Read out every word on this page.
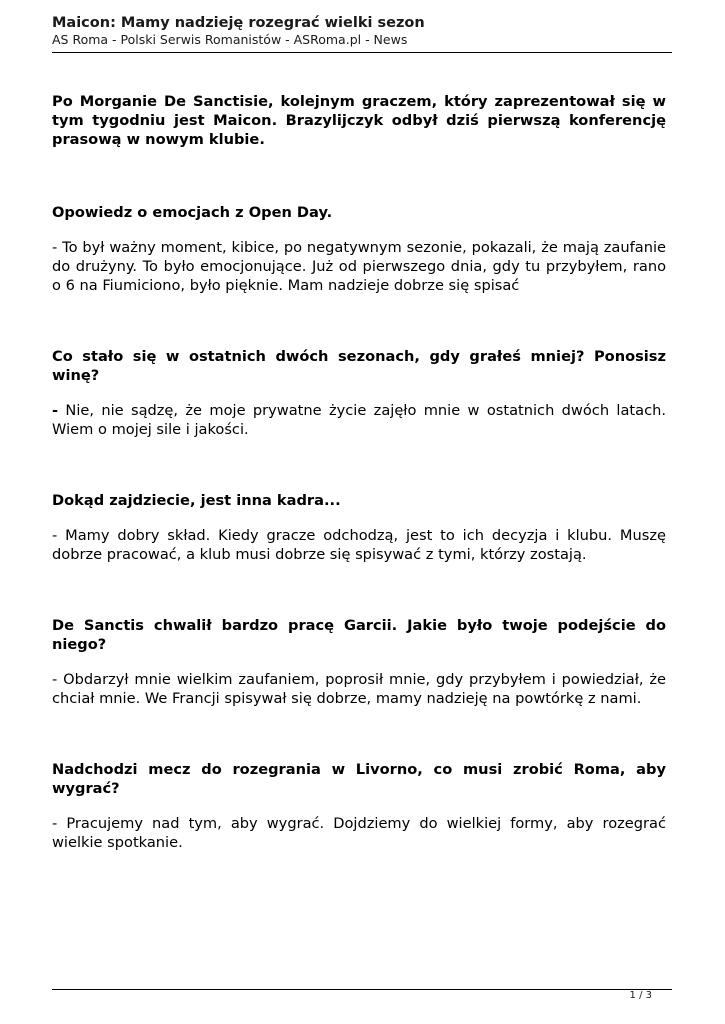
Maicon: Mamy nadzieję rozegrać wielki sezon
AS Roma - Polski Serwis Romanistów - ASRoma.pl - News

Po Morganie De Sanctisie, kolejnym graczem, który zaprezentował się w tym tygodniu jest Maicon. Brazylijczyk odbył dziś pierwszą konferencję prasową w nowym klubie.

Opowiedz o emocjach z Open Day.

- To był ważny moment, kibice, po negatywnym sezonie, pokazali, że mają zaufanie do drużyny. To było emocjonujące. Już od pierwszego dnia, gdy tu przybyłem, rano o 6 na Fiumiciono, było pięknie. Mam nadzieje dobrze się spisać

Co stało się w ostatnich dwóch sezonach, gdy grałeś mniej? Ponosisz winę?

- Nie, nie sądzę, że moje prywatne życie zajęło mnie w ostatnich dwóch latach. Wiem o mojej sile i jakości.

Dokąd zajdziecie, jest inna kadra...

- Mamy dobry skład. Kiedy gracze odchodzą, jest to ich decyzja i klubu. Muszę dobrze pracować, a klub musi dobrze się spisywać z tymi, którzy zostają.

De Sanctis chwalił bardzo pracę Garcii. Jakie było twoje podejście do niego?

- Obdarzył mnie wielkim zaufaniem, poprosił mnie, gdy przybyłem i powiedział, że chciał mnie. We Francji spisywał się dobrze, mamy nadzieję na powtórkę z nami.

Nadchodzi mecz do rozegrania w Livorno, co musi zrobić Roma, aby wygrać?

- Pracujemy nad tym, aby wygrać. Dojdziemy do wielkiej formy, aby rozegrać wielkie spotkanie.

1 / 3
